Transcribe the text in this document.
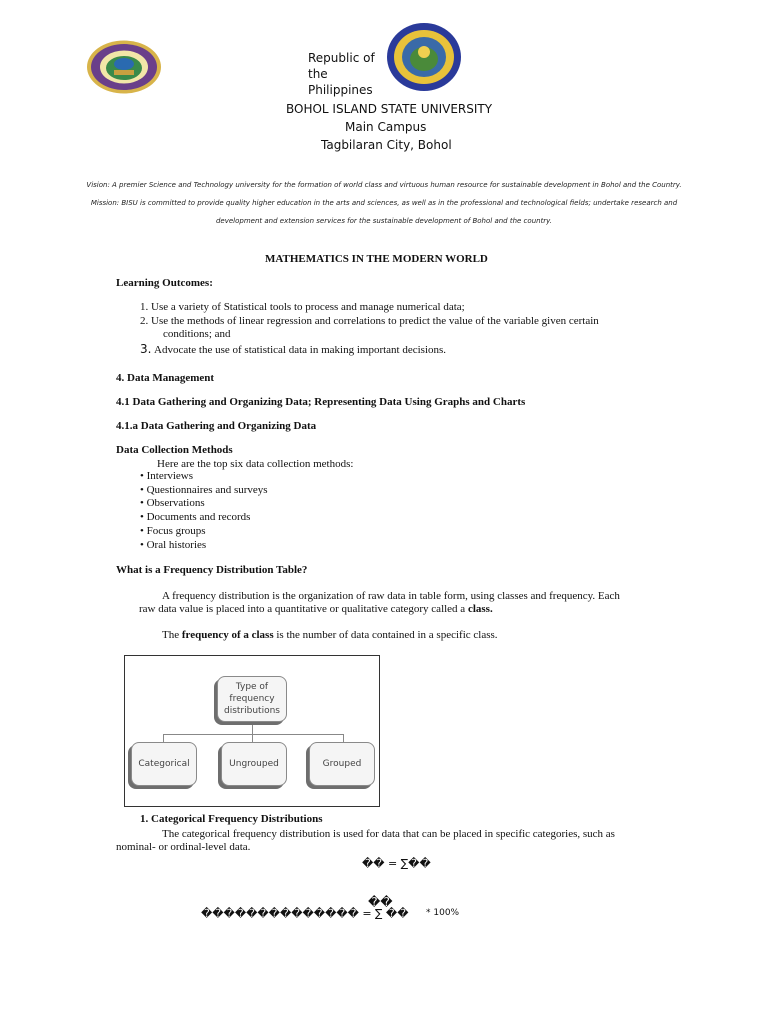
Republic of
the
Philippines
BOHOL ISLAND STATE UNIVERSITY
Main Campus
Tagbilaran City, Bohol
Vision: A premier Science and Technology university for the formation of world class and virtuous human resource for sustainable development in Bohol and the Country.
Mission: BISU is committed to provide quality higher education in the arts and sciences, as well as in the professional and technological fields; undertake research and
development and extension services for the sustainable development of Bohol and the country.
MATHEMATICS IN THE MODERN WORLD
Learning Outcomes:
1. Use a variety of Statistical tools to process and manage numerical data;
2. Use the methods of linear regression and correlations to predict the value of the variable given certain
conditions; and
3. Advocate the use of statistical data in making important decisions.
4. Data Management
4.1 Data Gathering and Organizing Data; Representing Data Using Graphs and Charts
4.1.a Data Gathering and Organizing Data
Data Collection Methods
Here are the top six data collection methods:
• Interviews
• Questionnaires and surveys
• Observations
• Documents and records
• Focus groups
• Oral histories
What is a Frequency Distribution Table?
A frequency distribution is the organization of raw data in table form, using classes and frequency. Each
raw data value is placed into a quantitative or qualitative category called a class.
The frequency of a class is the number of data contained in a specific class.
Type of frequency distributions
Categorical	Ungrouped	Grouped
1. Categorical Frequency Distributions
The categorical frequency distribution is used for data that can be placed in specific categories, such as
nominal- or ordinal-level data.
�� = ∑��
�������������� =
��
∑ �� * 100%
